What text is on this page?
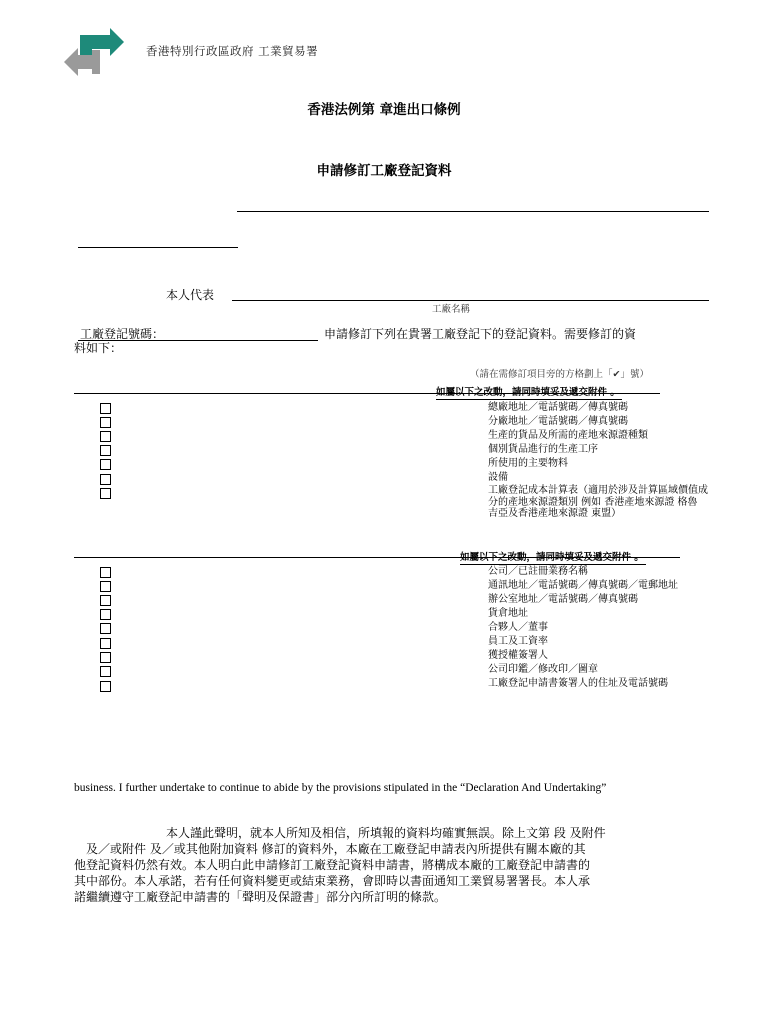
香港特別行政區政府 工業貿易署
香港法例第 章進出口條例
申請修訂工廠登記資料
本人代表
工廠名稱
工廠登記號碼：	申請修訂下列在貴署工廠登記下的登記資料。需要修訂的資
料如下：
（請在需修訂項目旁的方格劃上「✔」號）
如屬以下之改動，請同時填妥及遞交附件 。
總廠地址／電話號碼／傳真號碼
分廠地址／電話號碼／傳真號碼
生產的貨品及所需的產地來源證種類
個別貨品進行的生產工序
所使用的主要物料
設備
工廠登記成本計算表（適用於涉及計算區域價值成
分的產地來源證類別 例如 香港產地來源證 格魯
吉亞及香港產地來源證 東盟）
如屬以下之改動，請同時填妥及遞交附件 。
公司／已註冊業務名稱
通訊地址／電話號碼／傳真號碼／電郵地址
辦公室地址／電話號碼／傳真號碼
貨倉地址
合夥人／董事
員工及工資率
獲授權簽署人
公司印鑑／修改印／圖章
工廠登記申請書簽署人的住址及電話號碼
business. I further undertake to continue to abide by the provisions stipulated in the “Declaration And Undertaking”
本人謹此聲明，就本人所知及相信，所填報的資料均確實無誤。除上文第 段 及附件
及／或附件 及／或其他附加資料 修訂的資料外，本廠在工廠登記申請表內所提供有關本廠的其
他登記資料仍然有效。本人明白此申請修訂工廠登記資料申請書，將構成本廠的工廠登記申請書的
其中部份。本人承諾，若有任何資料變更或結束業務，會即時以書面通知工業貿易署署長。本人承
諾繼續遵守工廠登記申請書的「聲明及保證書」部分內所訂明的條款。
